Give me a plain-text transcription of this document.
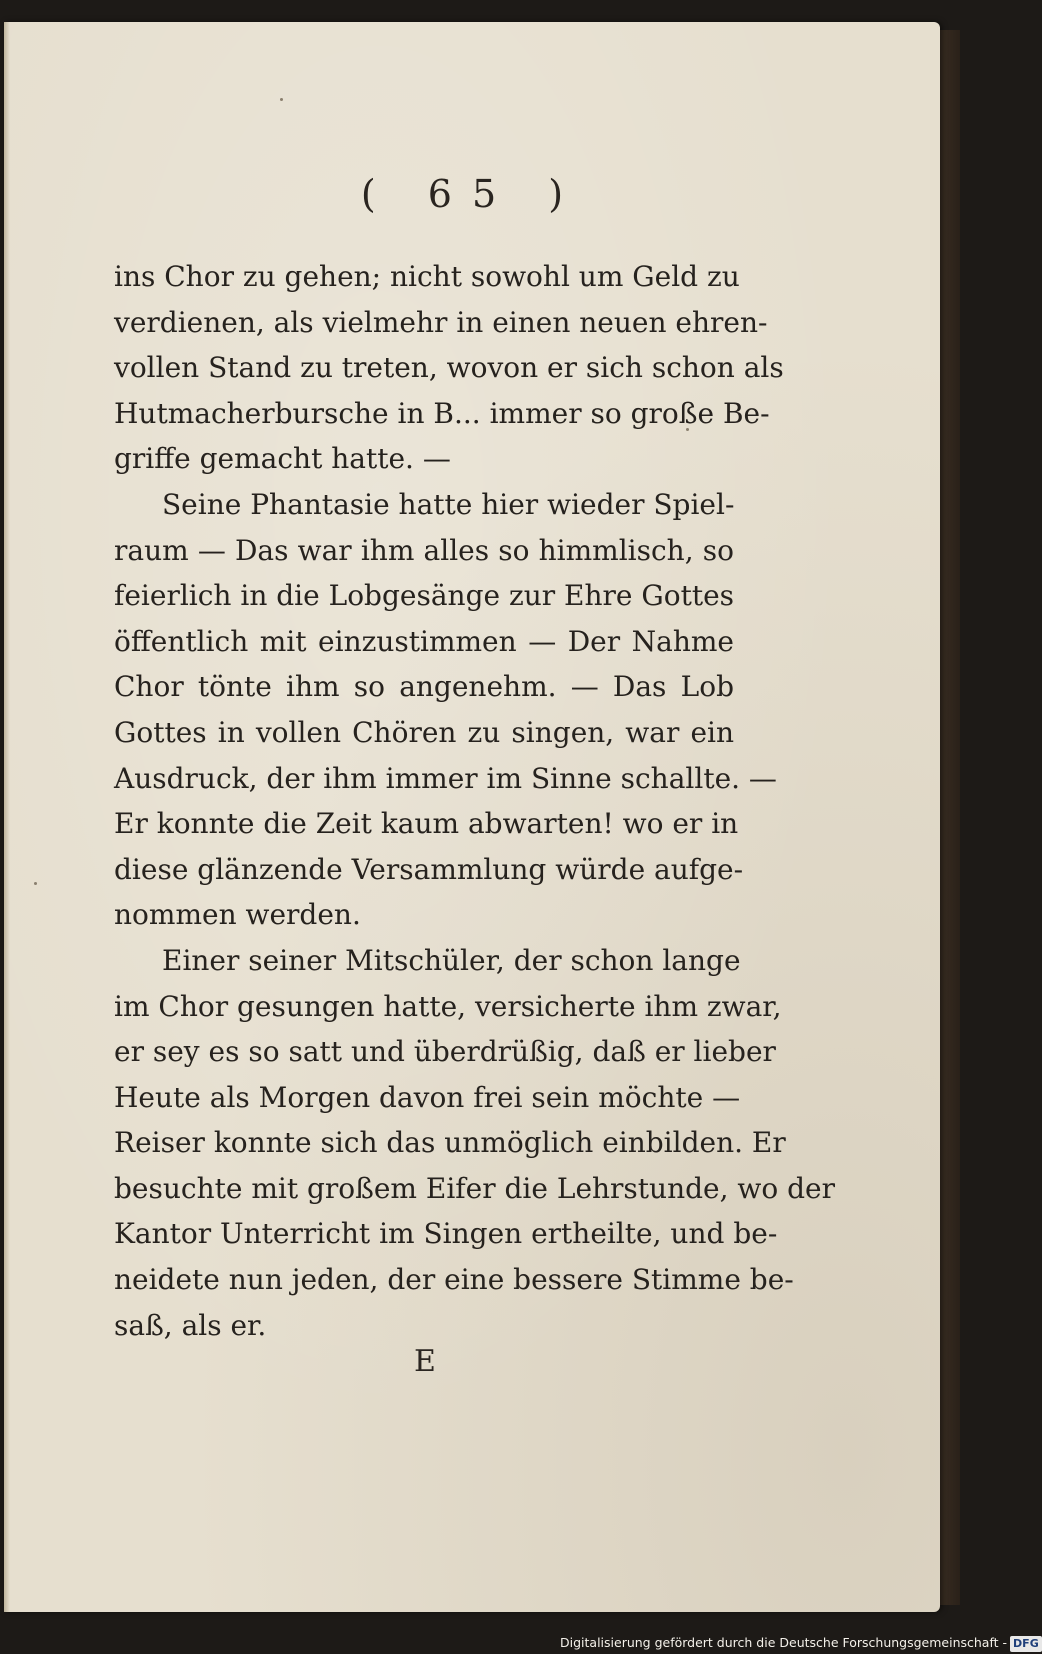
( 65 )
ins Chor zu gehen; nicht sowohl um Geld zu
verdienen, als vielmehr in einen neuen ehren-
vollen Stand zu treten, wovon er sich schon als
Hutmacherbursche in B... immer so große Be-
griffe gemacht hatte. —
Seine Phantasie hatte hier wieder Spiel-
raum — Das war ihm alles so himmlisch, so
feierlich in die Lobgesänge zur Ehre Gottes
öffentlich mit einzustimmen — Der Nahme
Chor tönte ihm so angenehm. — Das Lob
Gottes in vollen Chören zu singen, war ein
Ausdruck, der ihm immer im Sinne schallte. —
Er konnte die Zeit kaum abwarten! wo er in
diese glänzende Versammlung würde aufge-
nommen werden.
Einer seiner Mitschüler, der schon lange
im Chor gesungen hatte, versicherte ihm zwar,
er sey es so satt und überdrüßig, daß er lieber
Heute als Morgen davon frei sein möchte —
Reiser konnte sich das unmöglich einbilden. Er
besuchte mit großem Eifer die Lehrstunde, wo der
Kantor Unterricht im Singen ertheilte, und be-
neidete nun jeden, der eine bessere Stimme be-
saß, als er.
E
Digitalisierung gefördert durch die Deutsche Forschungsgemeinschaft - DFG
